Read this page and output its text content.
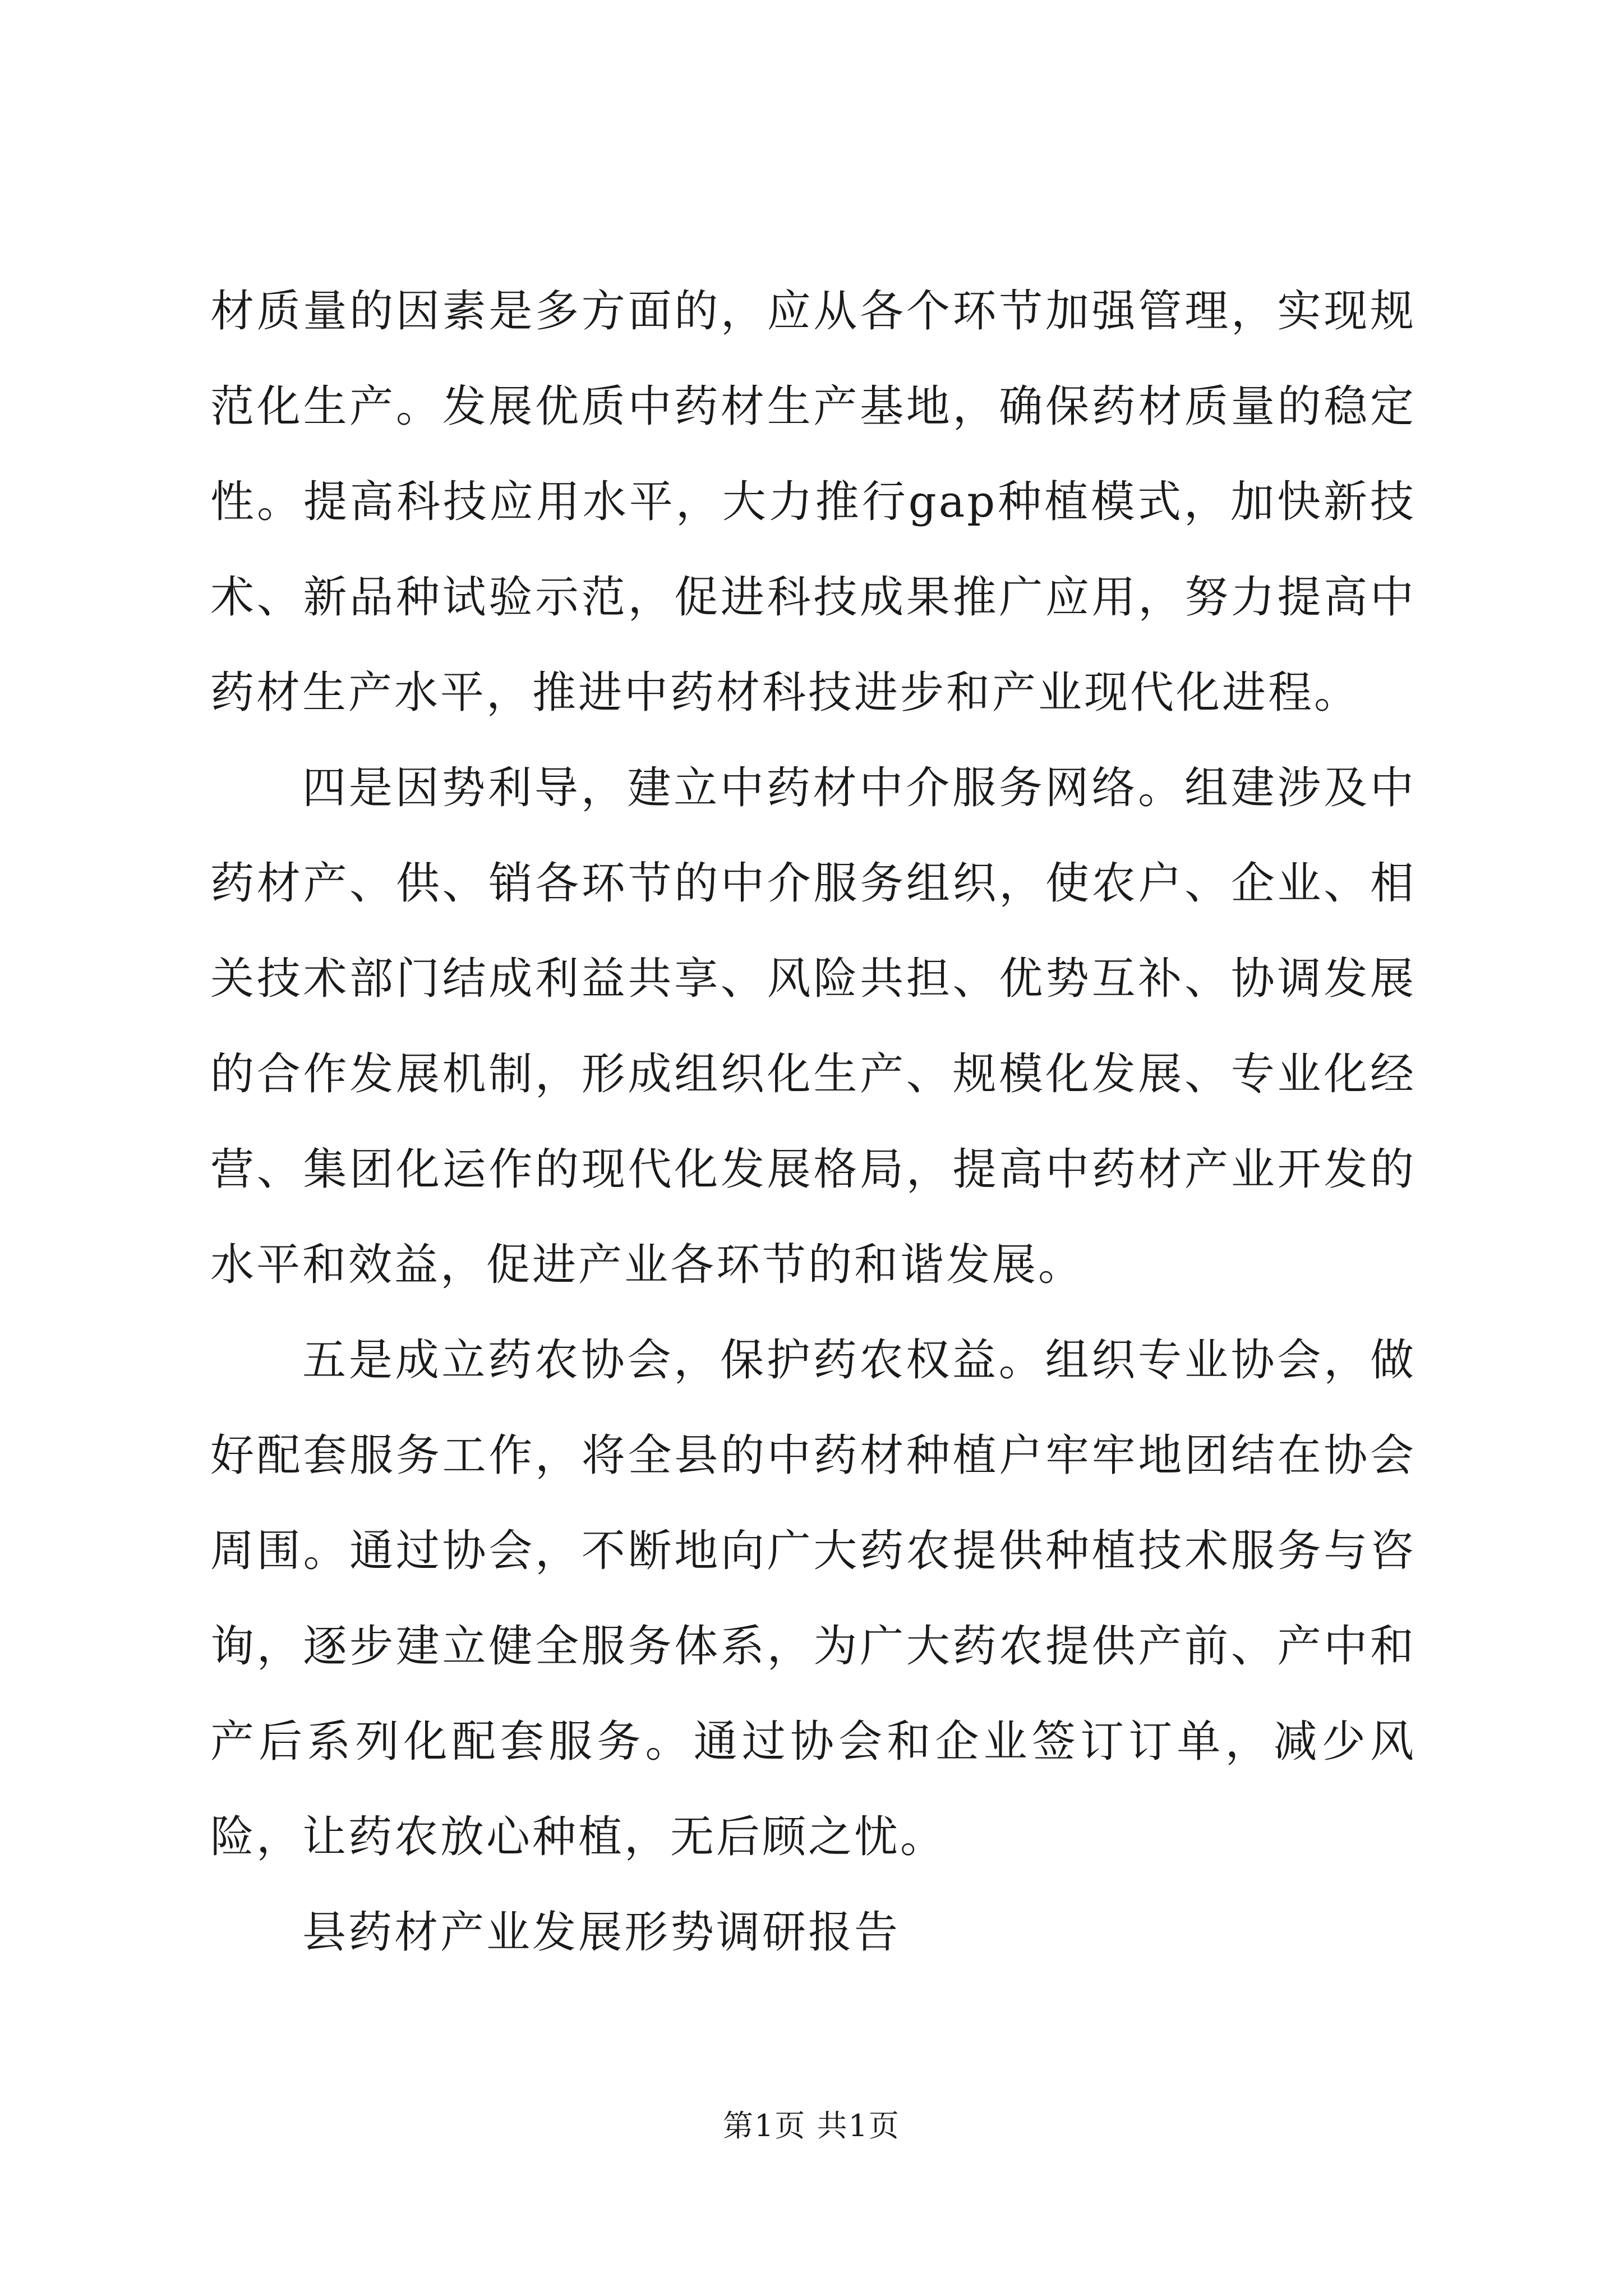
材质量的因素是多方面的，应从各个环节加强管理，实现规范化生产。发展优质中药材生产基地，确保药材质量的稳定性。提高科技应用水平，大力推行gap种植模式，加快新技术、新品种试验示范，促进科技成果推广应用，努力提高中药材生产水平，推进中药材科技进步和产业现代化进程。

四是因势利导，建立中药材中介服务网络。组建涉及中药材产、供、销各环节的中介服务组织，使农户、企业、相关技术部门结成利益共享、风险共担、优势互补、协调发展的合作发展机制，形成组织化生产、规模化发展、专业化经营、集团化运作的现代化发展格局，提高中药材产业开发的水平和效益，促进产业各环节的和谐发展。

五是成立药农协会，保护药农权益。组织专业协会，做好配套服务工作，将全县的中药材种植户牢牢地团结在协会周围。通过协会，不断地向广大药农提供种植技术服务与咨询，逐步建立健全服务体系，为广大药农提供产前、产中和产后系列化配套服务。通过协会和企业签订订单，减少风险，让药农放心种植，无后顾之忧。

县药材产业发展形势调研报告

第1页 共1页
